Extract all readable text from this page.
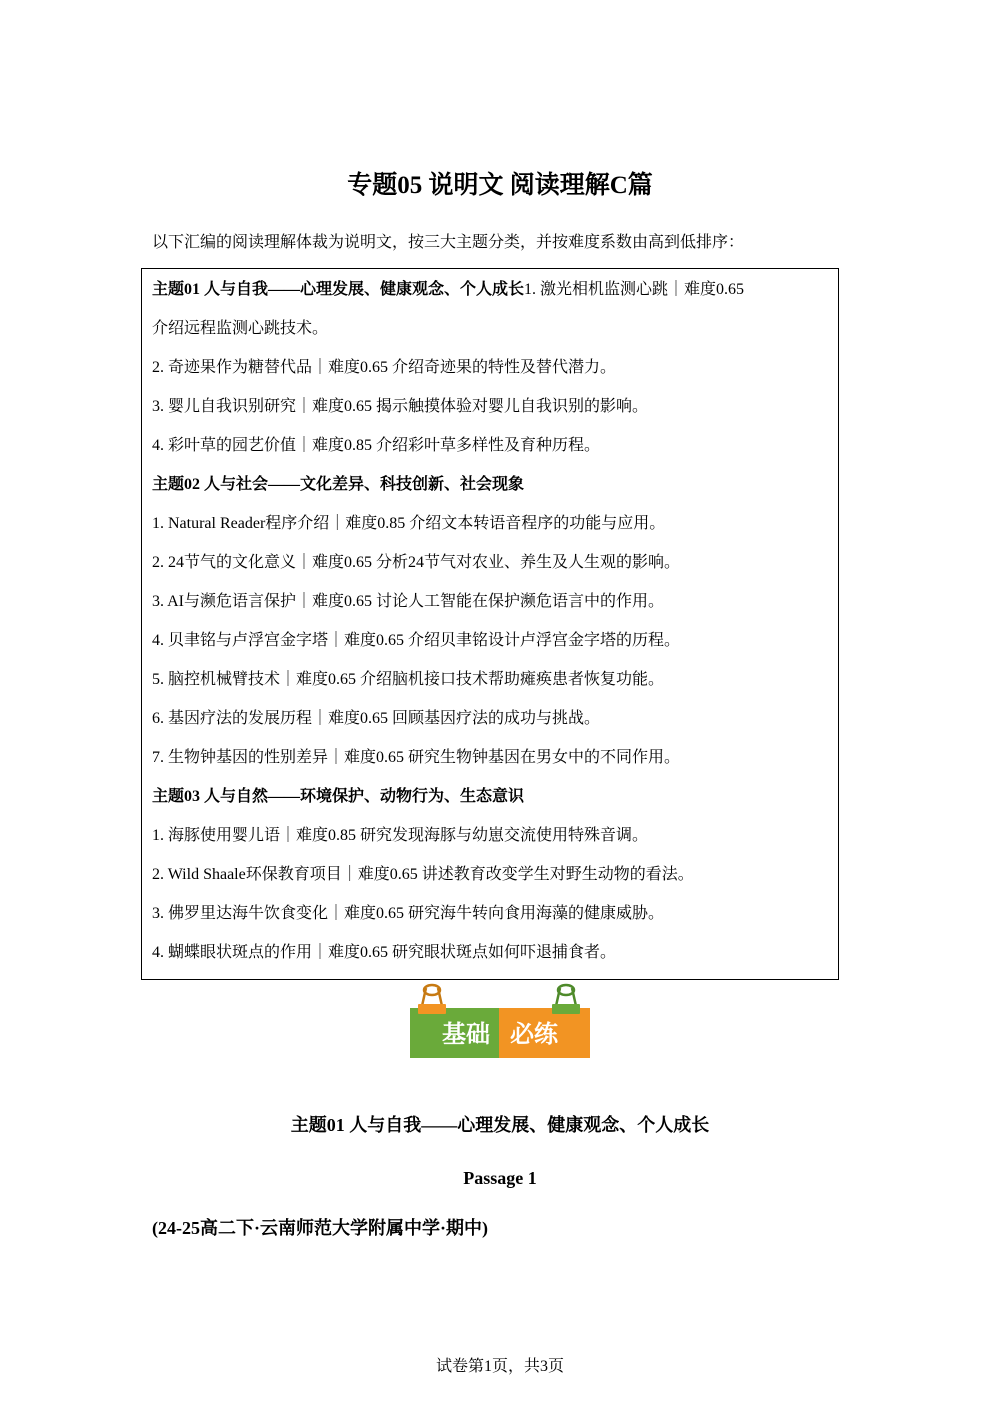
专题05 说明文 阅读理解C篇
以下汇编的阅读理解体裁为说明文，按三大主题分类，并按难度系数由高到低排序：
主题01 人与自我——心理发展、健康观念、个人成长1. 激光相机监测心跳｜难度0.65
介绍远程监测心跳技术。
2. 奇迹果作为糖替代品｜难度0.65 介绍奇迹果的特性及替代潜力。
3. 婴儿自我识别研究｜难度0.65 揭示触摸体验对婴儿自我识别的影响。
4. 彩叶草的园艺价值｜难度0.85 介绍彩叶草多样性及育种历程。
主题02 人与社会——文化差异、科技创新、社会现象
1. Natural Reader程序介绍｜难度0.85 介绍文本转语音程序的功能与应用。
2. 24节气的文化意义｜难度0.65 分析24节气对农业、养生及人生观的影响。
3. AI与濒危语言保护｜难度0.65 讨论人工智能在保护濒危语言中的作用。
4. 贝聿铭与卢浮宫金字塔｜难度0.65 介绍贝聿铭设计卢浮宫金字塔的历程。
5. 脑控机械臂技术｜难度0.65 介绍脑机接口技术帮助瘫痪患者恢复功能。
6. 基因疗法的发展历程｜难度0.65 回顾基因疗法的成功与挑战。
7. 生物钟基因的性别差异｜难度0.65 研究生物钟基因在男女中的不同作用。
主题03 人与自然——环境保护、动物行为、生态意识
1. 海豚使用婴儿语｜难度0.85 研究发现海豚与幼崽交流使用特殊音调。
2. Wild Shaale环保教育项目｜难度0.65 讲述教育改变学生对野生动物的看法。
3. 佛罗里达海牛饮食变化｜难度0.65 研究海牛转向食用海藻的健康威胁。
4. 蝴蝶眼状斑点的作用｜难度0.65 研究眼状斑点如何吓退捕食者。
基础 必练
主题01 人与自我——心理发展、健康观念、个人成长
Passage 1
(24-25高二下·云南师范大学附属中学·期中)
试卷第1页，共3页
